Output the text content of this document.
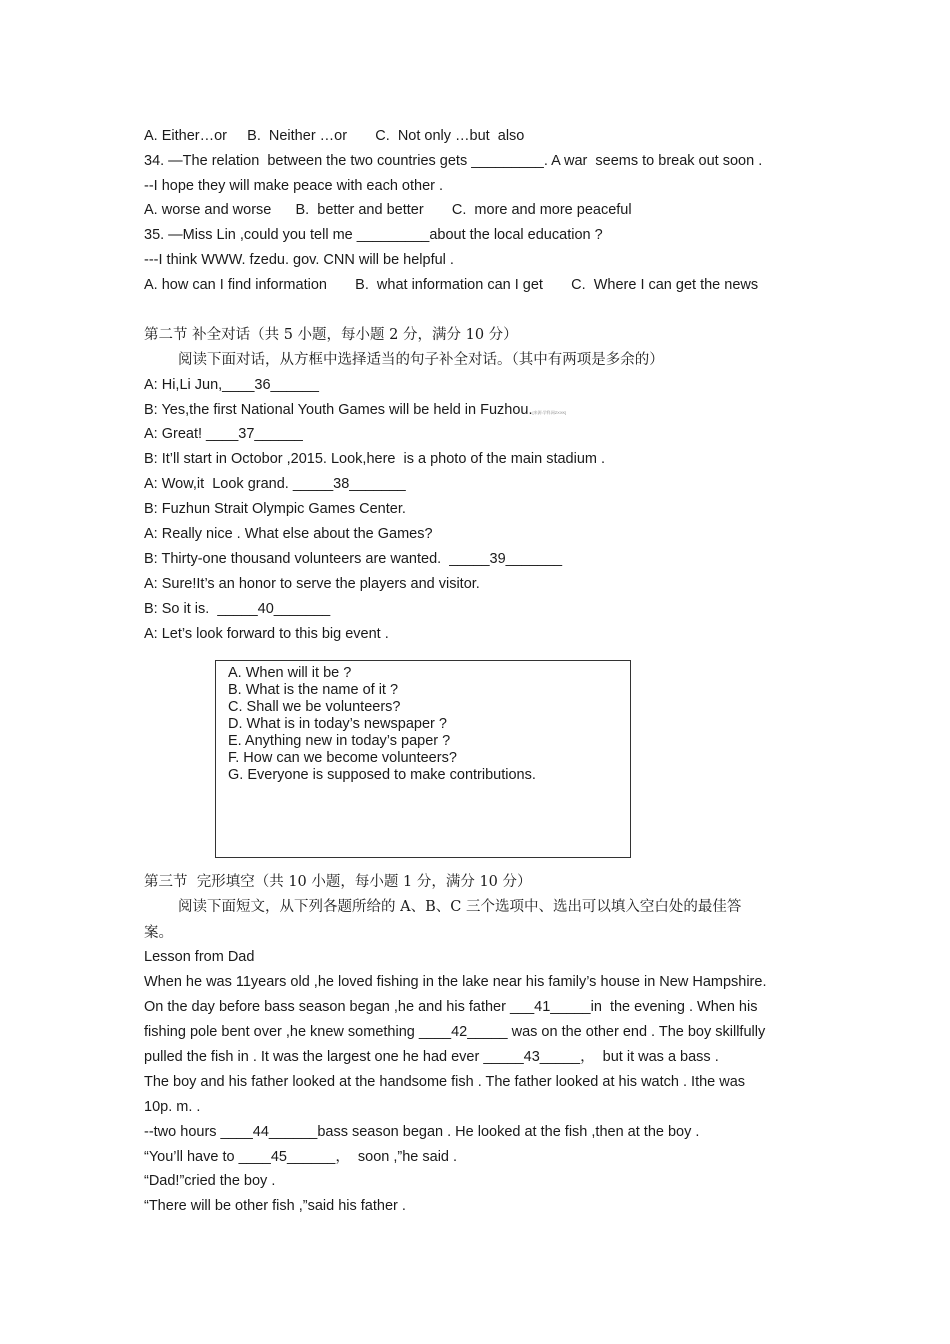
A. Either…or     B.  Neither …or       C.  Not only …but  also
34. —The relation  between the two countries gets _________. A war  seems to break out soon .
--I hope they will make peace with each other .
A. worse and worse      B.  better and better       C.  more and more peaceful
35. —Miss Lin ,could you tell me _________about the local education ?
---I think WWW. fzedu. gov. CNN will be helpful .
A. how can I find information       B.  what information can I get       C.  Where I can get the news
第二节 补全对话（共 5 小题，每小题 2 分，满分 10 分）
阅读下面对话，从方框中选择适当的句子补全对话。（其中有两项是多余的）
A: Hi,Li Jun,____36______
B: Yes,the first National Youth Games will be held in Fuzhou.[来源:学科网ZXXK]
A: Great! ____37______
B: It’ll start in Octobor ,2015. Look,here  is a photo of the main stadium .
A: Wow,it  Look grand. _____38_______
B: Fuzhun Strait Olympic Games Center.
A: Really nice . What else about the Games?
B: Thirty-one thousand volunteers are wanted.  _____39_______
A: Sure!It’s an honor to serve the players and visitor.
B: So it is.  _____40_______
A: Let’s look forward to this big event .
A. When will it be ?
B. What is the name of it ?
C. Shall we be volunteers?
D. What is in today’s newspaper ?
E. Anything new in today’s paper ?
F. How can we become volunteers?
G. Everyone is supposed to make contributions.
第三节  完形填空（共 10 小题，每小题 1 分，满分 10 分）
阅读下面短文，从下列各题所给的 A、B、C 三个选项中、选出可以填入空白处的最佳答
案。
Lesson from Dad
When he was 11years old ,he loved fishing in the lake near his family’s house in New Hampshire.
On the day before bass season began ,he and his father ___41_____in  the evening . When his
fishing pole bent over ,he knew something ____42_____ was on the other end . The boy skillfully
pulled the fish in . It was the largest one he had ever _____43_____，  but it was a bass .
The boy and his father looked at the handsome fish . The father looked at his watch . Ithe was
10p. m. .
--two hours ____44______bass season began . He looked at the fish ,then at the boy .
“You’ll have to ____45______，  soon ,”he said .
“Dad!”cried the boy .
“There will be other fish ,”said his father .
